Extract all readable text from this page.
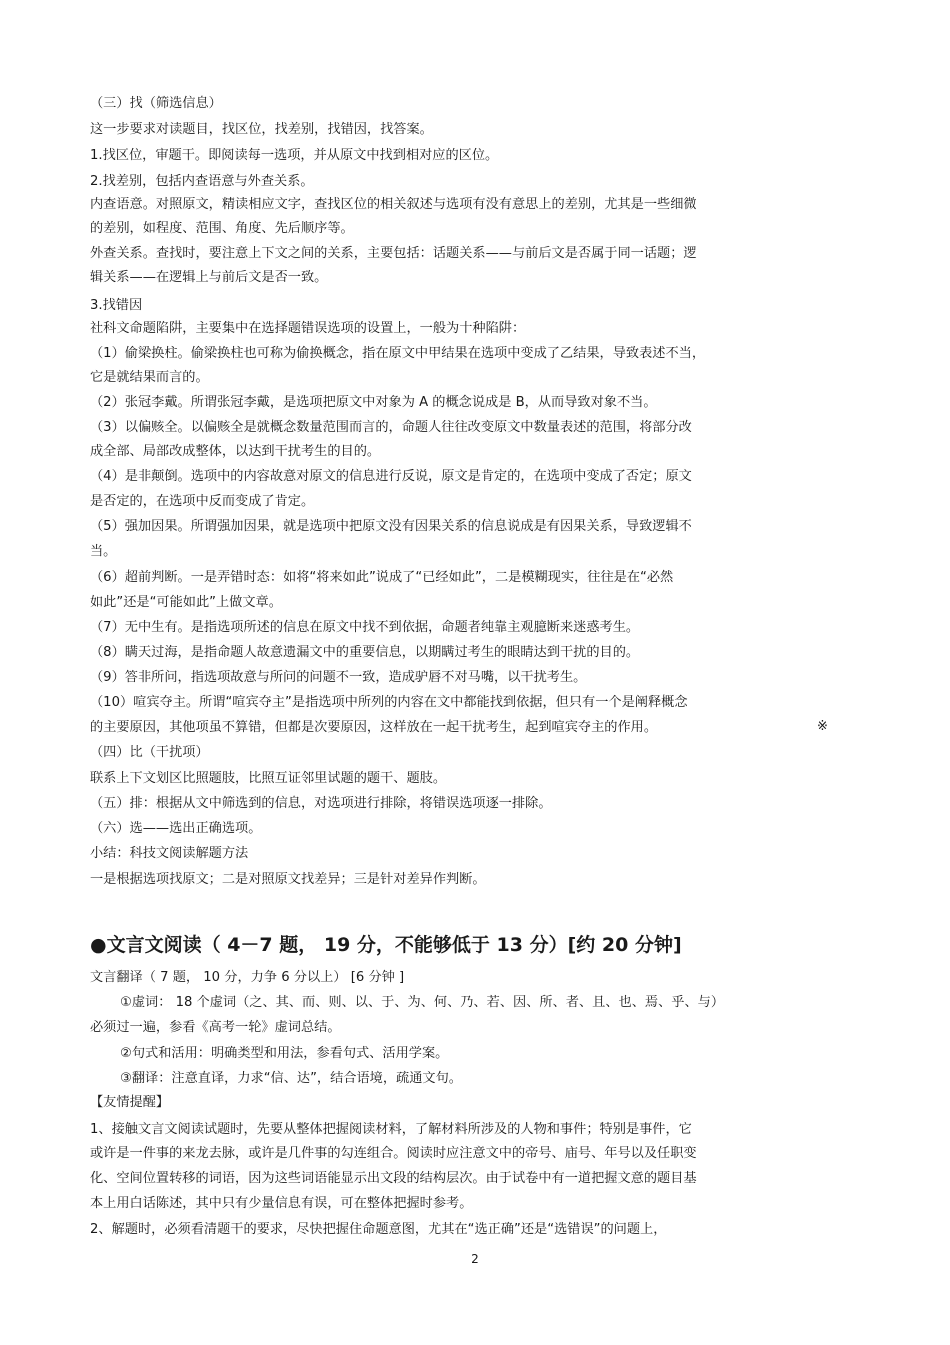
（三）找（筛选信息）
这一步要求对读题目，找区位，找差别，找错因，找答案。
1.找区位，审题干。即阅读每一选项，并从原文中找到相对应的区位。
2.找差别，包括内查语意与外查关系。
内查语意。对照原文，精读相应文字，查找区位的相关叙述与选项有没有意思上的差别，尤其是一些细微
的差别，如程度、范围、角度、先后顺序等。
外查关系。查找时，要注意上下文之间的关系，主要包括：话题关系——与前后文是否属于同一话题；逻
辑关系——在逻辑上与前后文是否一致。
3.找错因
社科文命题陷阱，主要集中在选择题错误选项的设置上，一般为十种陷阱：
（1）偷梁换柱。偷梁换柱也可称为偷换概念，指在原文中甲结果在选项中变成了乙结果，导致表述不当，
它是就结果而言的。
（2）张冠李戴。所谓张冠李戴，是选项把原文中对象为 A 的概念说成是 B，从而导致对象不当。
（3）以偏赅全。以偏赅全是就概念数量范围而言的，命题人往往改变原文中数量表述的范围，将部分改
成全部、局部改成整体，以达到干扰考生的目的。
（4）是非颠倒。选项中的内容故意对原文的信息进行反说，原文是肯定的，在选项中变成了否定；原文
是否定的，在选项中反而变成了肯定。
（5）强加因果。所谓强加因果，就是选项中把原文没有因果关系的信息说成是有因果关系，导致逻辑不
当。
（6）超前判断。一是弄错时态：如将“将来如此”说成了“已经如此”，二是模糊现实，往往是在“必然
如此”还是“可能如此”上做文章。
（7）无中生有。是指选项所述的信息在原文中找不到依据，命题者纯靠主观臆断来迷惑考生。
（8）瞒天过海，是指命题人故意遗漏文中的重要信息，以期瞒过考生的眼睛达到干扰的目的。
（9）答非所问，指选项故意与所问的问题不一致，造成驴唇不对马嘴，以干扰考生。
（10）喧宾夺主。所谓“喧宾夺主”是指选项中所列的内容在文中都能找到依据，但只有一个是阐释概念
的主要原因，其他项虽不算错，但都是次要原因，这样放在一起干扰考生，起到喧宾夺主的作用。
（四）比（干扰项）
联系上下文划区比照题肢，比照互证邻里试题的题干、题肢。
（五）排：根据从文中筛选到的信息，对选项进行排除，将错误选项逐一排除。
（六）选——选出正确选项。
小结：科技文阅读解题方法
一是根据选项找原文；二是对照原文找差异；三是针对差异作判断。
●文言文阅读（ 4－7 题， 19 分，不能够低于 13 分）[约 20 分钟]
文言翻译（ 7 题， 10 分，力争 6 分以上） [6 分钟 ]
①虚词： 18 个虚词（之、其、而、则、以、于、为、何、乃、若、因、所、者、且、也、焉、乎、与）
必须过一遍，参看《高考一轮》虚词总结。
②句式和活用：明确类型和用法，参看句式、活用学案。
③翻译：注意直译，力求“信、达”，结合语境，疏通文句。
【友情提醒】
1、接触文言文阅读试题时，先要从整体把握阅读材料，了解材料所涉及的人物和事件；特别是事件，它
或许是一件事的来龙去脉，或许是几件事的勾连组合。阅读时应注意文中的帝号、庙号、年号以及任职变
化、空间位置转移的词语，因为这些词语能显示出文段的结构层次。由于试卷中有一道把握文意的题目基
本上用白话陈述，其中只有少量信息有误，可在整体把握时参考。
2、解题时，必须看清题干的要求，尽快把握住命题意图，尤其在“选正确”还是“选错误”的问题上，
※
2
